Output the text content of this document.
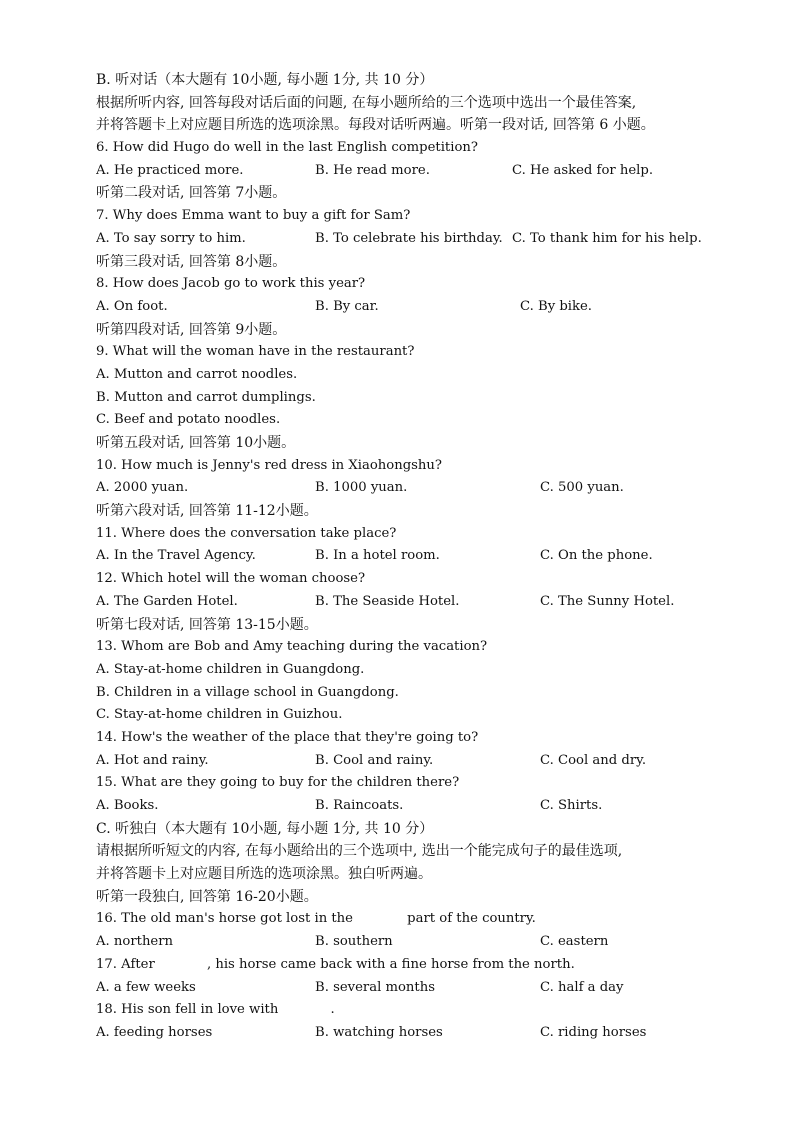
B. 听对话（本大题有 10小题, 每小题 1分, 共 10 分）
根据所听内容, 回答每段对话后面的问题, 在每小题所给的三个选项中选出一个最佳答案,
并将答题卡上对应题目所选的选项涂黑。每段对话听两遍。听第一段对话, 回答第 6 小题。
6. How did Hugo do well in the last English competition?
A. He practiced more.	B. He read more.	C. He asked for help.
听第二段对话, 回答第 7小题。
7. Why does Emma want to buy a gift for Sam?
A. To say sorry to him.	B. To celebrate his birthday. C. To thank him for his help.
听第三段对话, 回答第 8小题。
8. How does Jacob go to work this year?
A. On foot.	B. By car.	C. By bike.
听第四段对话, 回答第 9小题。
9. What will the woman have in the restaurant?
A. Mutton and carrot noodles.
B. Mutton and carrot dumplings.
C. Beef and potato noodles.
听第五段对话, 回答第 10小题。
10. How much is Jenny's red dress in Xiaohongshu?
A. 2000 yuan.	B. 1000 yuan.	C. 500 yuan.
听第六段对话, 回答第 11-12小题。
11. Where does the conversation take place?
A. In the Travel Agency.	B. In a hotel room.	C. On the phone.
12. Which hotel will the woman choose?
A. The Garden Hotel.	B. The Seaside Hotel.	C. The Sunny Hotel.
听第七段对话, 回答第 13-15小题。
13. Whom are Bob and Amy teaching during the vacation?
A. Stay-at-home children in Guangdong.
B. Children in a village school in Guangdong.
C. Stay-at-home children in Guizhou.
14. How's the weather of the place that they're going to?
A. Hot and rainy.	B. Cool and rainy.	C. Cool and dry.
15. What are they going to buy for the children there?
A. Books.	B. Raincoats.	C. Shirts.
C. 听独白（本大题有 10小题, 每小题 1分, 共 10 分）
请根据所听短文的内容, 在每小题给出的三个选项中, 选出一个能完成句子的最佳选项,
并将答题卡上对应题目所选的选项涂黑。独白听两遍。
听第一段独白, 回答第 16-20小题。
16. The old man's horse got lost in the	part of the country.
A. northern	B. southern	C. eastern
17. After	, his horse came back with a fine horse from the north.
A. a few weeks	B. several months	C. half a day
18. His son fell in love with	.
A. feeding horses	B. watching horses	C. riding horses
